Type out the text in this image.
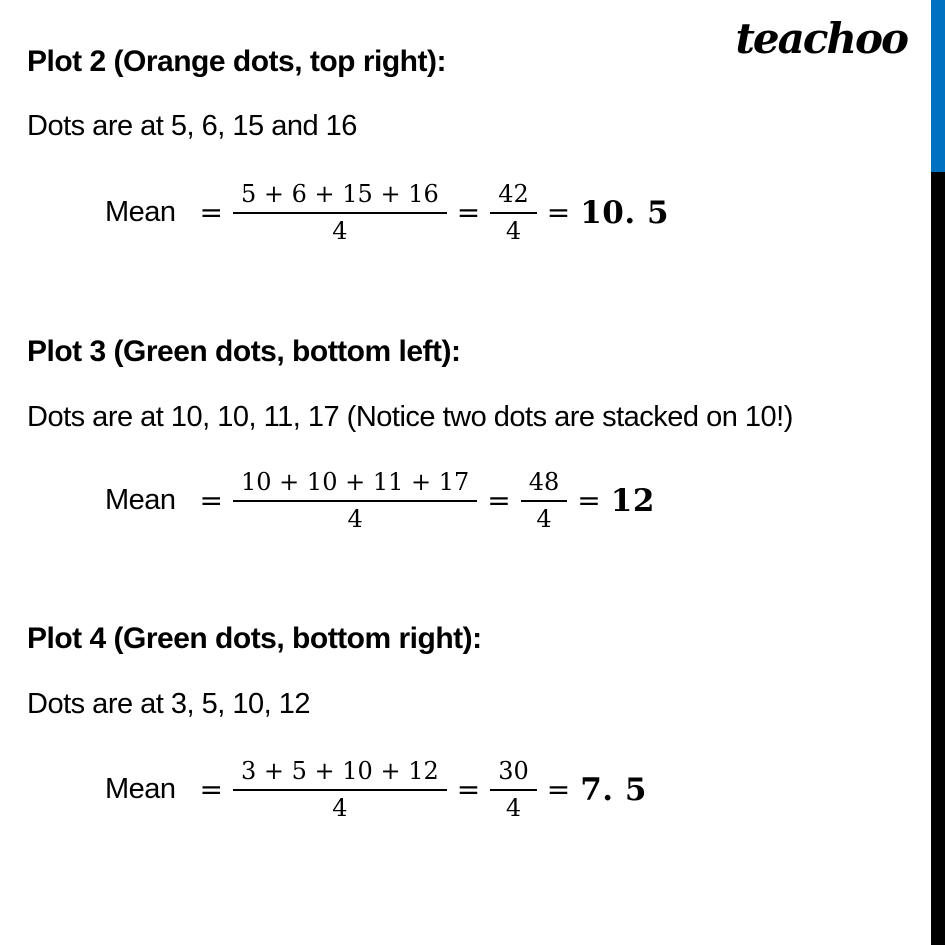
teachoo
Plot 2 (Orange dots, top right):
Dots are at 5, 6, 15 and 16
Mean = $\frac{5 + 6 + 15 + 16}{4} = \frac{42}{4} = 10$. 5
Plot 3 (Green dots, bottom left):
Dots are at 10, 10, 11, 17 (Notice two dots are stacked on 10!)
Mean = $\frac{10 + 10 + 11 + 17}{4} = \frac{48}{4} = 12$
Plot 4 (Green dots, bottom right):
Dots are at 3, 5, 10, 12
Mean = $\frac{3 + 5 + 10 + 12}{4} = \frac{30}{4} = 7$. 5
